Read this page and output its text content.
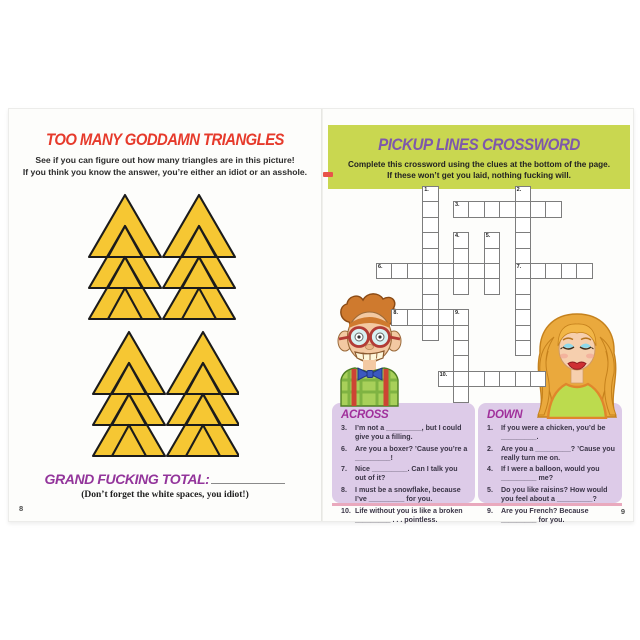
TOO MANY GODDAMN TRIANGLES
See if you can figure out how many triangles are in this picture!
If you think you know the answer, you’re either an idiot or an asshole.
GRAND FUCKING TOTAL:
(Don’t forget the white spaces, you idiot!)
8
PICKUP LINES CROSSWORD
Complete this crossword using the clues at the bottom of the page.
If these won’t get you laid, nothing fucking will.
1.	2.
3.
4.	5.
6.	7.
8.	9.
10.
ACROSS
3.	I’m not a _________, but I could give you a filling.
6.	Are you a boxer? ’Cause you’re a _________!
7.	Nice _________. Can I talk you out of it?
8.	I must be a snowflake, because I’ve _________ for you.
10. Life without you is like a broken _________ . . . pointless.
DOWN
1.	If you were a chicken, you’d be _________.
2.	Are you a _________? ’Cause you really turn me on.
4.	If I were a balloon, would you _________ me?
5.	Do you like raisins? How would you feel about a _________?
9.	Are you French? Because _________ for you.
9
